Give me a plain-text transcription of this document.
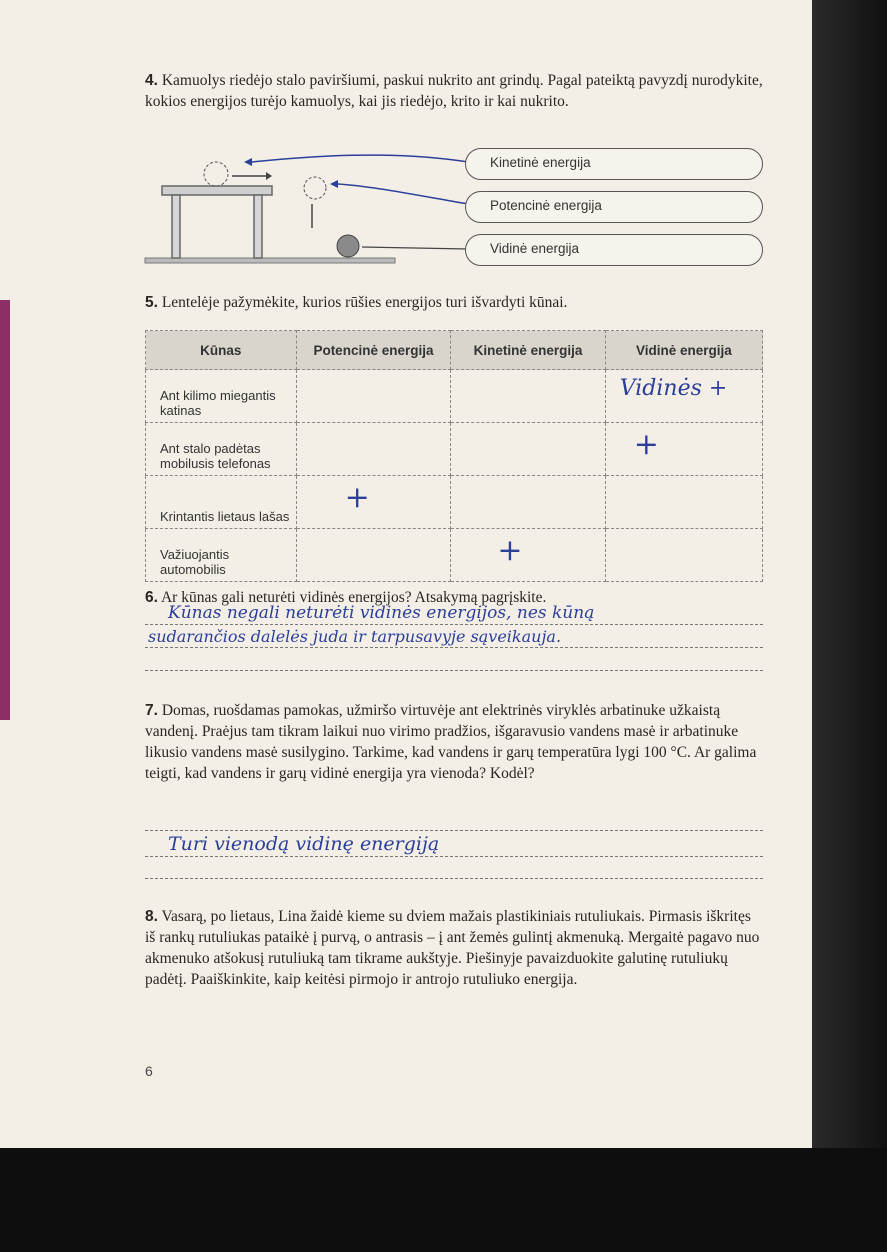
4. Kamuolys riedėjo stalo paviršiumi, paskui nukrito ant grindų. Pagal pateiktą pavyzdį nurodykite, kokios energijos turėjo kamuolys, kai jis riedėjo, krito ir kai nukrito.
Kinetinė energija
Potencinė energija
Vidinė energija
5. Lentelėje pažymėkite, kurios rūšies energijos turi išvardyti kūnai.
Kūnas	Potencinė energija	Kinetinė energija	Vidinė energija
Ant kilimo miegantis katinas			Vidinės +

Ant stalo padėtas mobilusis telefonas			+

Krintantis lietaus lašas	+		

Važiuojantis automobilis		+	

6. Ar kūnas gali neturėti vidinės energijos? Atsakymą pagrįskite.
Kūnas negali neturėti vidinės energijos, nes kūną
sudarančios dalelės juda ir tarpusavyje sąveikauja.
7. Domas, ruošdamas pamokas, užmiršo virtuvėje ant elektrinės viryklės arbatinuke užkaistą vandenį. Praėjus tam tikram laikui nuo virimo pradžios, išgaravusio vandens masė ir arbatinuke likusio vandens masė susilygino. Tarkime, kad vandens ir garų temperatūra lygi 100 °C. Ar galima teigti, kad vandens ir garų vidinė energija yra vienoda? Kodėl?
Turi vienodą vidinę energiją
8. Vasarą, po lietaus, Lina žaidė kieme su dviem mažais plastikiniais rutuliukais. Pirmasis iškritęs iš rankų rutuliukas pataikė į purvą, o antrasis – į ant žemės gulintį akmenuką. Mergaitė pagavo nuo akmenuko atšokusį rutuliuką tam tikrame aukštyje. Piešinyje pavaizduokite galutinę rutuliukų padėtį. Paaiškinkite, kaip keitėsi pirmojo ir antrojo rutuliuko energija.
6
